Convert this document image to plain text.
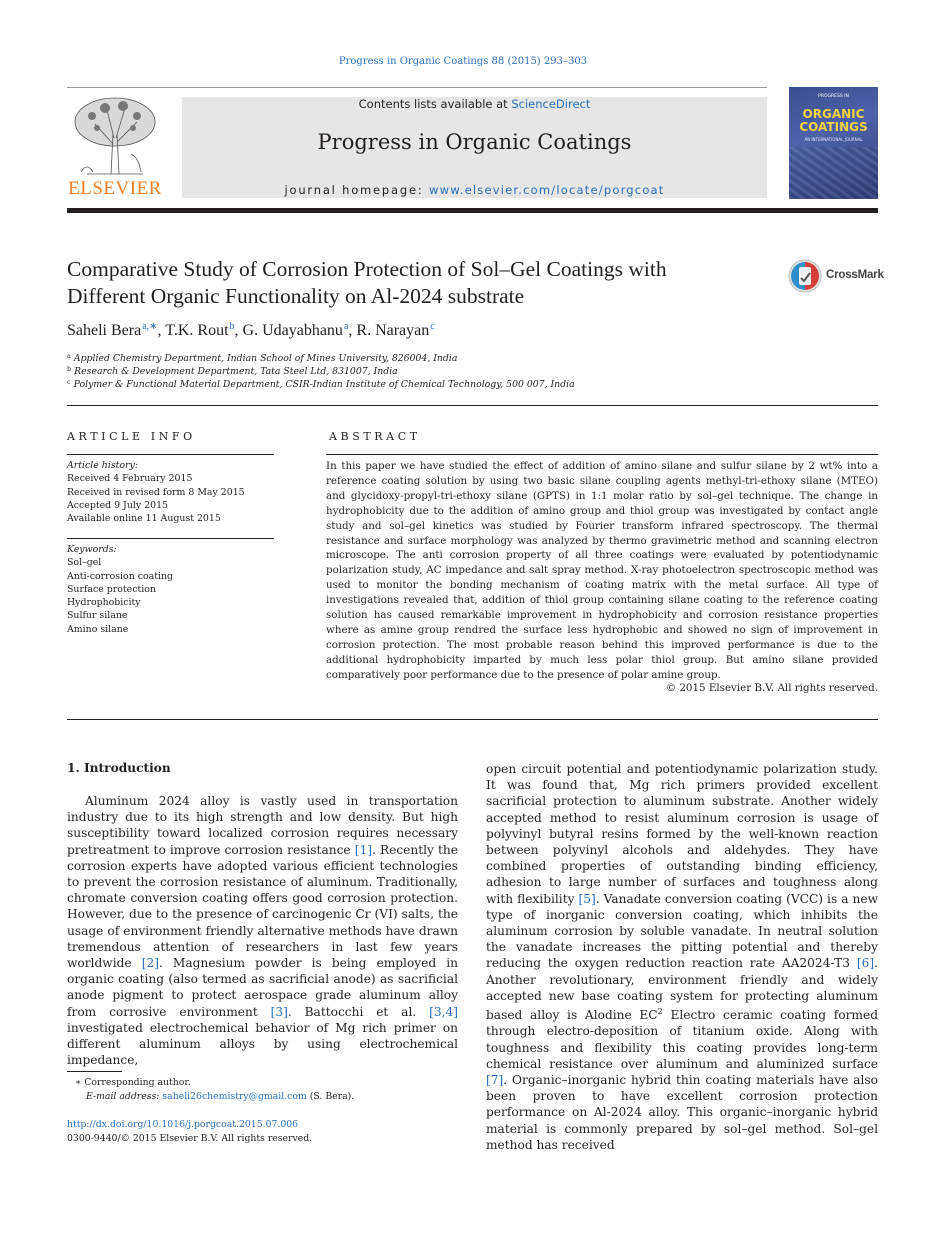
Progress in Organic Coatings 88 (2015) 293–303
ELSEVIER
Contents lists available at ScienceDirect
Progress in Organic Coatings
journal homepage: www.elsevier.com/locate/porgcoat
PROGRESS IN
ORGANIC
COATINGS
AN INTERNATIONAL JOURNAL
Comparative Study of Corrosion Protection of Sol–Gel Coatings with
Different Organic Functionality on Al-2024 substrate
CrossMark
Saheli Bera$^{a,∗}$, T.K. Rout$^b$, G. Udayabhanu$^a$, R. Narayan$^c$
$^a$ Applied Chemistry Department, Indian School of Mines University, 826004, India
$^b$ Research & Development Department, Tata Steel Ltd, 831007, India
$^c$ Polymer & Functional Material Department, CSIR-Indian Institute of Chemical Technology, 500 007, India
ARTICLE INFO
Article history:
Received 4 February 2015
Received in revised form 8 May 2015
Accepted 9 July 2015
Available online 11 August 2015
Keywords:
Sol–gel
Anti-corrosion coating
Surface protection
Hydrophobicity
Sulfur silane
Amino silane
ABSTRACT
In this paper we have studied the effect of addition of amino silane and sulfur silane by 2 wt% into a reference coating solution by using two basic silane coupling agents methyl-tri-ethoxy silane (MTEO) and glycidoxy-propyl-tri-ethoxy silane (GPTS) in 1:1 molar ratio by sol–gel technique. The change in hydrophobicity due to the addition of amino group and thiol group was investigated by contact angle study and sol–gel kinetics was studied by Fourier transform infrared spectroscopy. The thermal resistance and surface morphology was analyzed by thermo gravimetric method and scanning electron microscope. The anti corrosion property of all three coatings were evaluated by potentiodynamic polarization study, AC impedance and salt spray method. X-ray photoelectron spectroscopic method was used to monitor the bonding mechanism of coating matrix with the metal surface. All type of investigations revealed that, addition of thiol group containing silane coating to the reference coating solution has caused remarkable improvement in hydrophobicity and corrosion resistance properties where as amine group rendred the surface less hydrophobic and showed no sign of improvement in corrosion protection. The most probable reason behind this improved performance is due to the additional hydrophobicity imparted by much less polar thiol group. But amino silane provided comparatively poor performance due to the presence of polar amine group.
© 2015 Elsevier B.V. All rights reserved.
1. Introduction

Aluminum 2024 alloy is vastly used in transportation industry due to its high strength and low density. But high susceptibility toward localized corrosion requires necessary pretreatment to improve corrosion resistance [1]. Recently the corrosion experts have adopted various efficient technologies to prevent the corrosion resistance of aluminum. Traditionally, chromate conversion coating offers good corrosion protection. However, due to the presence of carcinogenic Cr (VI) salts, the usage of environment friendly alternative methods have drawn tremendous attention of researchers in last few years worldwide [2]. Magnesium powder is being employed in organic coating (also termed as sacrificial anode) as sacrificial anode pigment to protect aerospace grade aluminum alloy from corrosive environment [3]. Battocchi et al. [3,4] investigated electrochemical behavior of Mg rich primer on different aluminum alloys by using electrochemical impedance,

open circuit potential and potentiodynamic polarization study. It was found that, Mg rich primers provided excellent sacrificial protection to aluminum substrate. Another widely accepted method to resist aluminum corrosion is usage of polyvinyl butyral resins formed by the well-known reaction between polyvinyl alcohols and aldehydes. They have combined properties of outstanding binding efficiency, adhesion to large number of surfaces and toughness along with flexibility [5]. Vanadate conversion coating (VCC) is a new type of inorganic conversion coating, which inhibits the aluminum corrosion by soluble vanadate. In neutral solution the vanadate increases the pitting potential and thereby reducing the oxygen reduction reaction rate AA2024-T3 [6]. Another revolutionary, environment friendly and widely accepted new base coating system for protecting aluminum based alloy is Alodine $EC^2$ Electro ceramic coating formed through electro-deposition of titanium oxide. Along with toughness and flexibility this coating provides long-term chemical resistance over aluminum and aluminized surface [7]. Organic–inorganic hybrid thin coating materials have also been proven to have excellent corrosion protection performance on Al-2024 alloy. This organic–inorganic hybrid material is commonly prepared by sol–gel method. Sol–gel method has received

∗ Corresponding author.
E-mail address: saheli26chemistry@gmail.com (S. Bera).
http://dx.doi.org/10.1016/j.porgcoat.2015.07.006
0300-9440/© 2015 Elsevier B.V. All rights reserved.
